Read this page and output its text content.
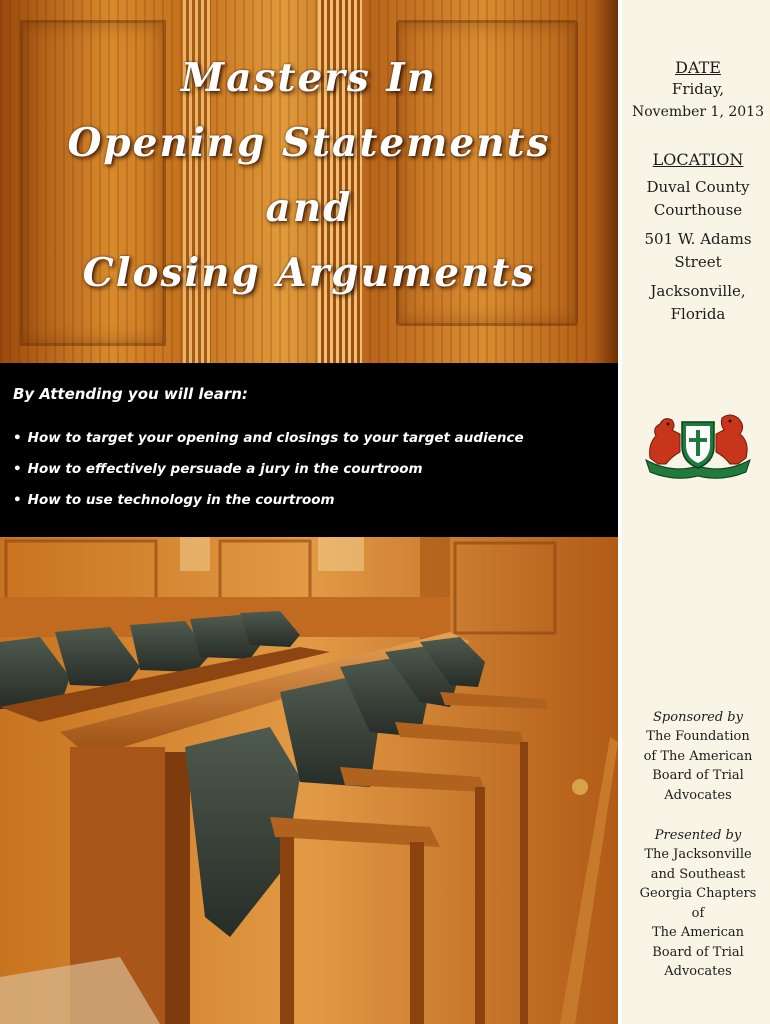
Masters In
Opening Statements
and
Closing Arguments
By Attending you will learn:
• How to target your opening and closings to your target audience
• How to effectively persuade a jury in the courtroom
• How to use technology in the courtroom
DATE
Friday,
November 1, 2013
LOCATION
Duval County
Courthouse
501 W. Adams
Street
Jacksonville,
Florida
Sponsored by
The Foundation
of The American
Board of Trial
Advocates
Presented by
The Jacksonville
and Southeast
Georgia Chapters
of
The American
Board of Trial
Advocates
